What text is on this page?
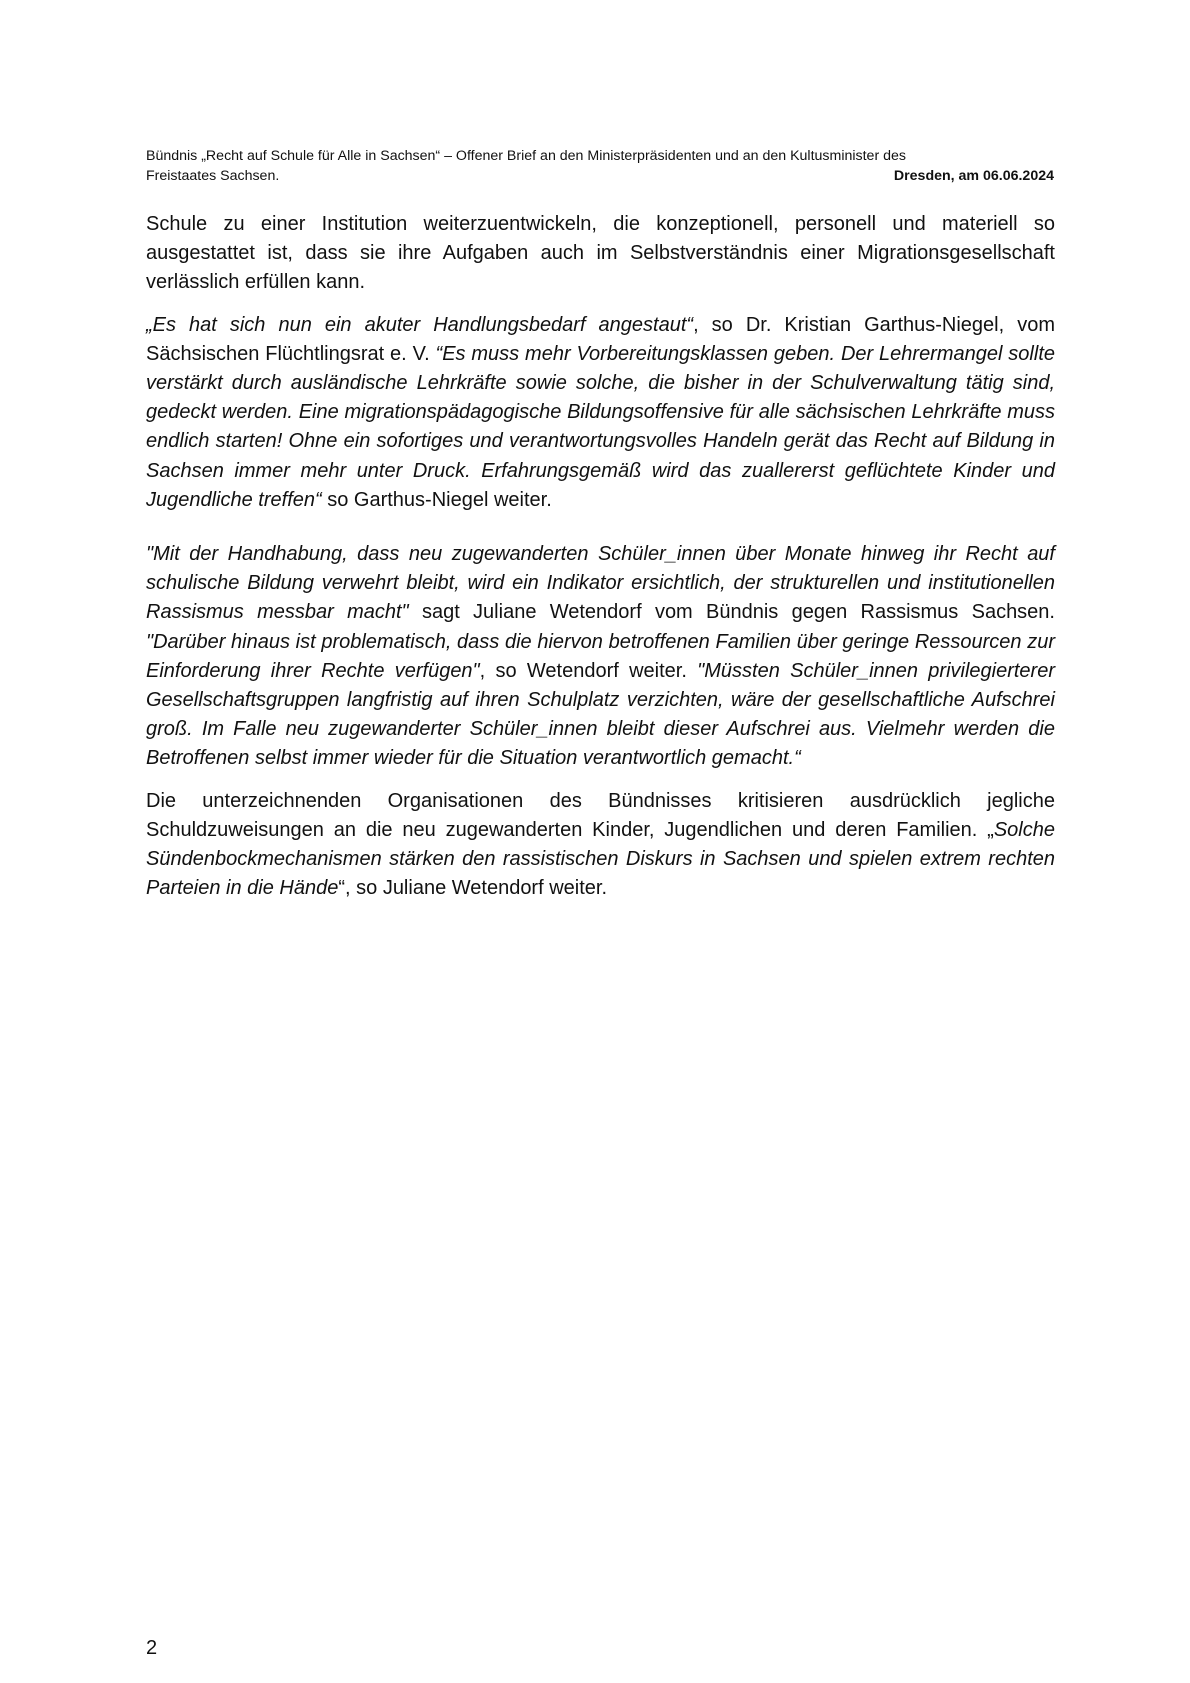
Bündnis „Recht auf Schule für Alle in Sachsen“ – Offener Brief an den Ministerpräsidenten und an den Kultusminister des
Freistaates Sachsen.	Dresden, am 06.06.2024

Schule zu einer Institution weiterzuentwickeln, die konzeptionell, personell und materiell so ausgestattet ist, dass sie ihre Aufgaben auch im Selbstverständnis einer Migrationsgesellschaft verlässlich erfüllen kann.

„Es hat sich nun ein akuter Handlungsbedarf angestaut“, so Dr. Kristian Garthus-Niegel, vom Sächsischen Flüchtlingsrat e. V. “Es muss mehr Vorbereitungsklassen geben. Der Lehrermangel sollte verstärkt durch ausländische Lehrkräfte sowie solche, die bisher in der Schulverwaltung tätig sind, gedeckt werden. Eine migrationspädagogische Bildungsoffensive für alle sächsischen Lehrkräfte muss endlich starten! Ohne ein sofortiges und verantwortungsvolles Handeln gerät das Recht auf Bildung in Sachsen immer mehr unter Druck. Erfahrungsgemäß wird das zuallererst geflüchtete Kinder und Jugendliche treffen“ so Garthus-Niegel weiter.

"Mit der Handhabung, dass neu zugewanderten Schüler_innen über Monate hinweg ihr Recht auf schulische Bildung verwehrt bleibt, wird ein Indikator ersichtlich, der strukturellen und institutionellen Rassismus messbar macht" sagt Juliane Wetendorf vom Bündnis gegen Rassismus Sachsen. "Darüber hinaus ist problematisch, dass die hiervon betroffenen Familien über geringe Ressourcen zur Einforderung ihrer Rechte verfügen", so Wetendorf weiter. "Müssten Schüler_innen privilegierterer Gesellschaftsgruppen langfristig auf ihren Schulplatz verzichten, wäre der gesellschaftliche Aufschrei groß. Im Falle neu zugewanderter Schüler_innen bleibt dieser Aufschrei aus. Vielmehr werden die Betroffenen selbst immer wieder für die Situation verantwortlich gemacht.“

Die unterzeichnenden Organisationen des Bündnisses kritisieren ausdrücklich jegliche Schuldzuweisungen an die neu zugewanderten Kinder, Jugendlichen und deren Familien. „Solche Sündenbockmechanismen stärken den rassistischen Diskurs in Sachsen und spielen extrem rechten Parteien in die Hände“, so Juliane Wetendorf weiter.

2
